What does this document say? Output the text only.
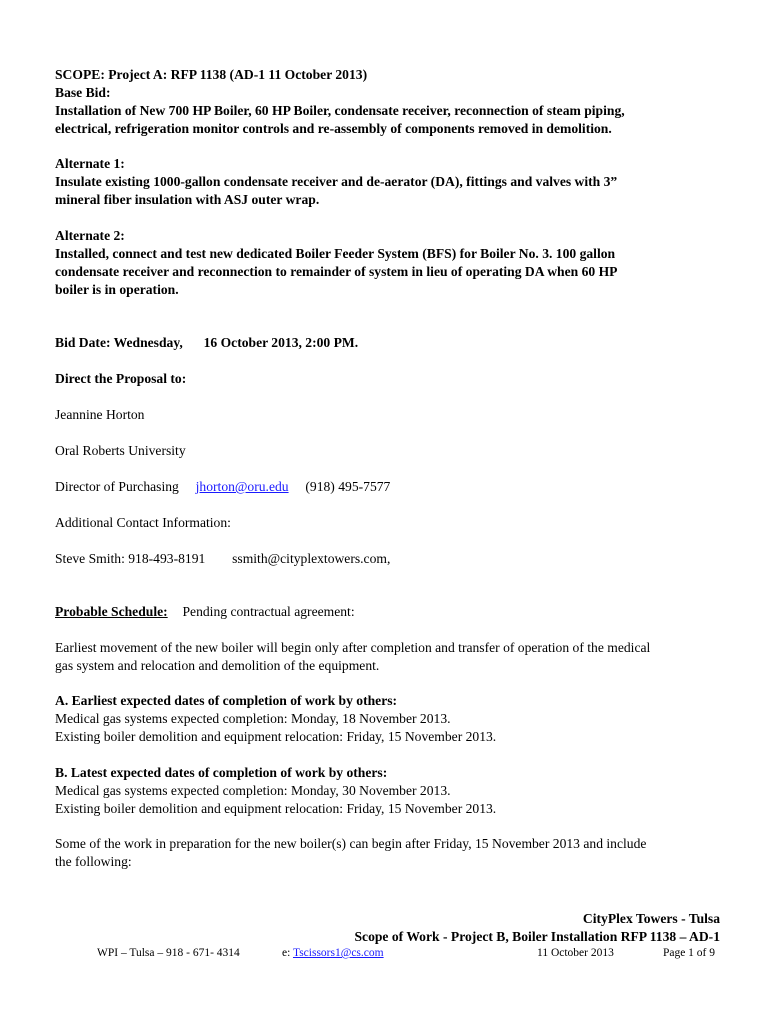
SCOPE: Project A: RFP 1138 (AD-1 11 October 2013)
Base Bid:
Installation of New 700 HP Boiler, 60 HP Boiler, condensate receiver, reconnection of steam piping,
electrical, refrigeration monitor controls and re-assembly of components removed in demolition.
Alternate 1:
Insulate existing 1000-gallon condensate receiver and de-aerator (DA), fittings and valves with 3”
mineral fiber insulation with ASJ outer wrap.
Alternate 2:
Installed, connect and test new dedicated Boiler Feeder System (BFS) for Boiler No. 3. 100 gallon
condensate receiver and reconnection to remainder of system in lieu of operating DA when 60 HP
boiler is in operation.
Bid Date: Wednesday, 16 October 2013, 2:00 PM.
Direct the Proposal to:
Jeannine Horton
Oral Roberts University
Director of Purchasing jhorton@oru.edu (918) 495-7577
Additional Contact Information:
Steve Smith: 918-493-8191 ssmith@cityplextowers.com,
Probable Schedule: Pending contractual agreement:
Earliest movement of the new boiler will begin only after completion and transfer of operation of the medical
gas system and relocation and demolition of the equipment.
A. Earliest expected dates of completion of work by others:
Medical gas systems expected completion: Monday, 18 November 2013.
Existing boiler demolition and equipment relocation: Friday, 15 November 2013.
B. Latest expected dates of completion of work by others:
Medical gas systems expected completion: Monday, 30 November 2013.
Existing boiler demolition and equipment relocation: Friday, 15 November 2013.
Some of the work in preparation for the new boiler(s) can begin after Friday, 15 November 2013 and include
the following:
CityPlex Towers - Tulsa
Scope of Work - Project B, Boiler Installation RFP 1138 – AD-1
WPI – Tulsa – 918 - 671- 4314	e: Tscissors1@cs.com	11 October 2013	Page 1 of 9
